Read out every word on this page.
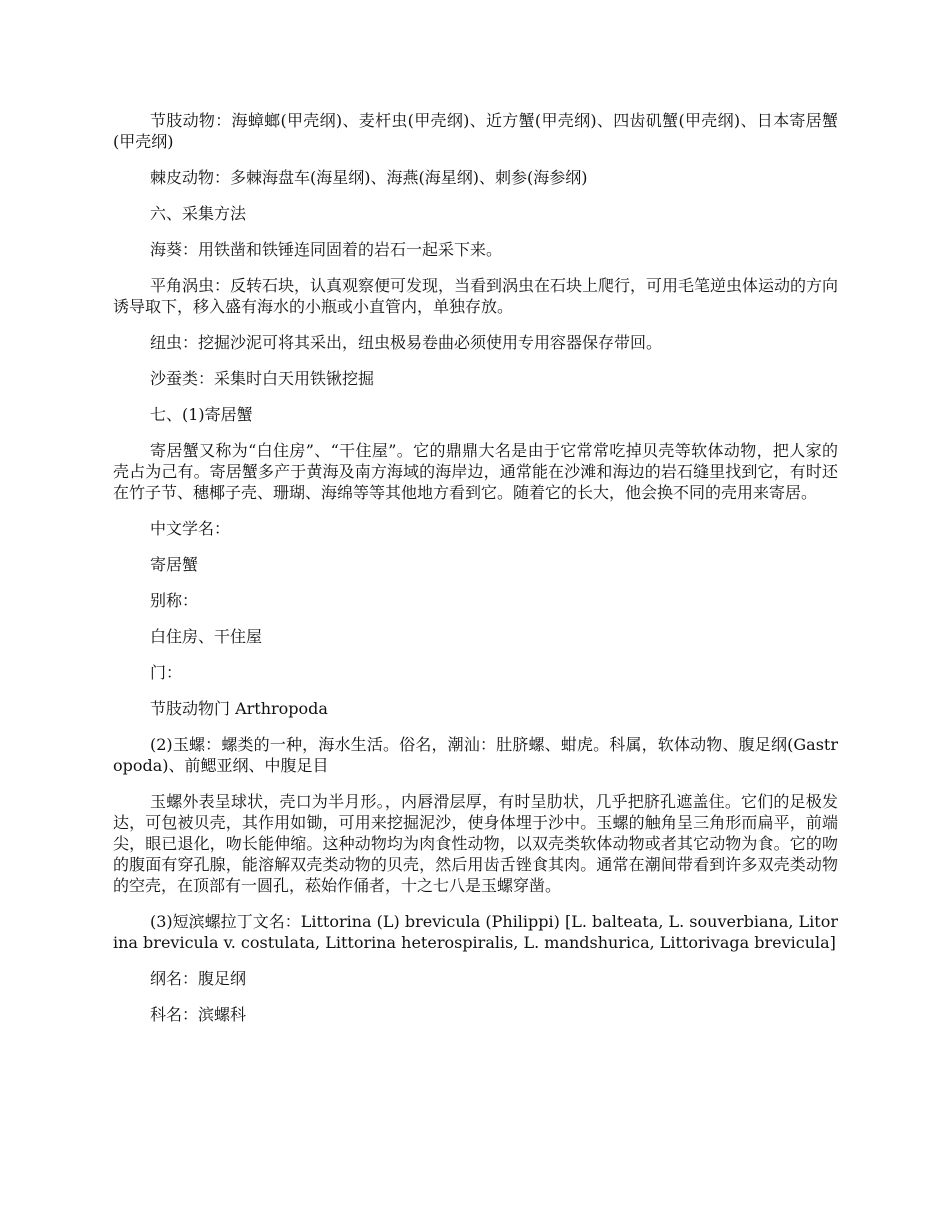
节肢动物：海蟑螂(甲壳纲)、麦杆虫(甲壳纲)、近方蟹(甲壳纲)、四齿矶蟹(甲壳纲)、日本寄居蟹(甲壳纲)

棘皮动物：多棘海盘车(海星纲)、海燕(海星纲)、刺参(海参纲)

六、采集方法

海葵：用铁凿和铁锤连同固着的岩石一起采下来。

平角涡虫：反转石块，认真观察便可发现，当看到涡虫在石块上爬行，可用毛笔逆虫体运动的方向诱导取下，移入盛有海水的小瓶或小直管内，单独存放。

纽虫：挖掘沙泥可将其采出，纽虫极易卷曲必须使用专用容器保存带回。

沙蚕类：采集时白天用铁锹挖掘

七、(1)寄居蟹

寄居蟹又称为“白住房”、“干住屋”。它的鼎鼎大名是由于它常常吃掉贝壳等软体动物，把人家的壳占为己有。寄居蟹多产于黄海及南方海域的海岸边，通常能在沙滩和海边的岩石缝里找到它，有时还在竹子节、穗椰子壳、珊瑚、海绵等等其他地方看到它。随着它的长大，他会换不同的壳用来寄居。

中文学名：

寄居蟹

别称：

白住房、干住屋

门：

节肢动物门 Arthropoda

(2)玉螺：螺类的一种，海水生活。俗名，潮汕：肚脐螺、蚶虎。科属，软体动物、腹足纲(Gastropoda)、前鳃亚纲、中腹足目

玉螺外表呈球状，壳口为半月形。，内唇滑层厚，有时呈肋状，几乎把脐孔遮盖住。它们的足极发达，可包被贝壳，其作用如锄，可用来挖掘泥沙，使身体埋于沙中。玉螺的触角呈三角形而扁平，前端尖，眼已退化，吻长能伸缩。这种动物均为肉食性动物，以双壳类软体动物或者其它动物为食。它的吻的腹面有穿孔腺，能溶解双壳类动物的贝壳，然后用齿舌锉食其肉。通常在潮间带看到许多双壳类动物的空壳，在顶部有一圆孔，菘始作俑者，十之七八是玉螺穿凿。

(3)短滨螺拉丁文名：Littorina (L) brevicula (Philippi) [L. balteata, L. souverbiana, Litorina brevicula v. costulata, Littorina heterospiralis, L. mandshurica, Littorivaga brevicula]

纲名：腹足纲

科名：滨螺科
